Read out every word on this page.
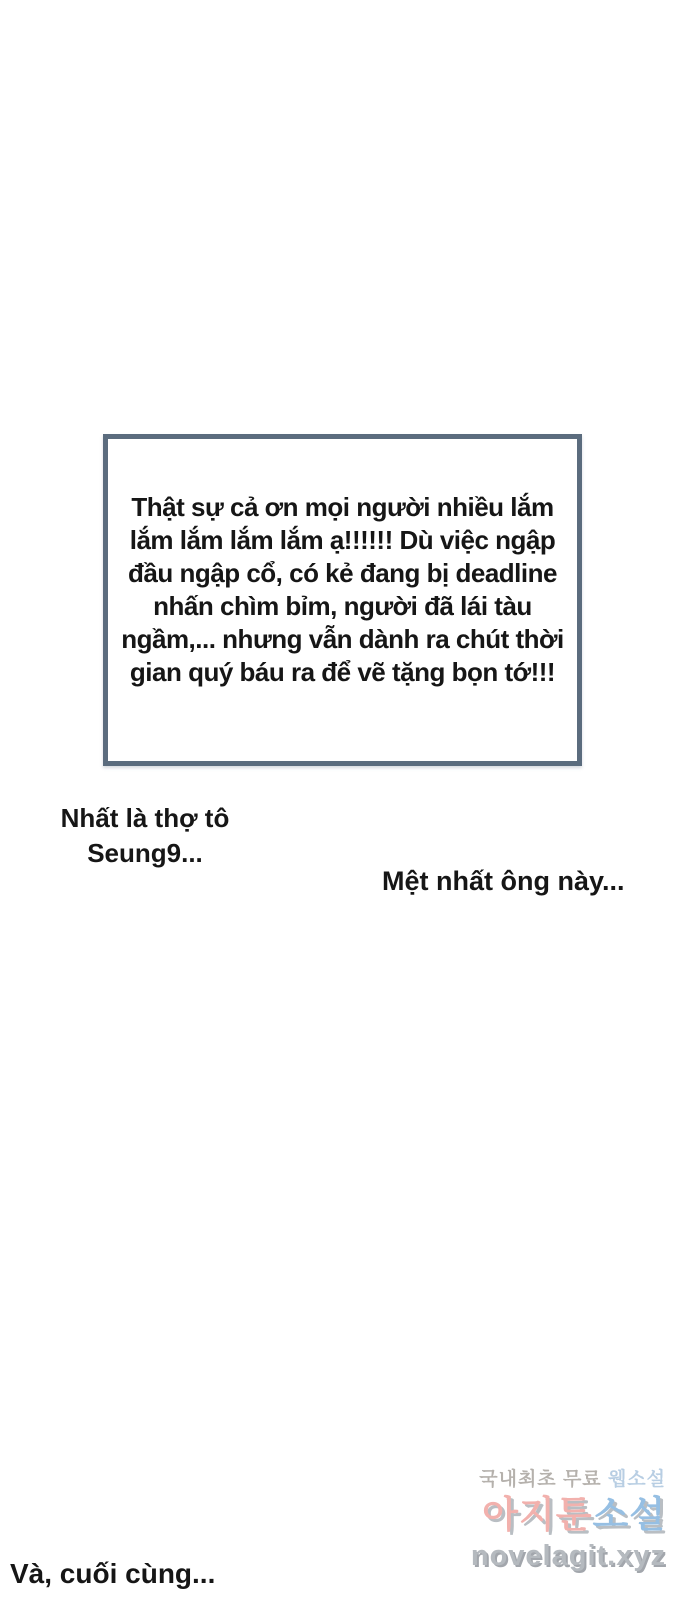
Thật sự cả ơn mọi người nhiều lắm
lắm lắm lắm lắm ạ!!!!!! Dù việc ngập
đầu ngập cổ, có kẻ đang bị deadline
nhấn chìm bỉm, người đã lái tàu
ngầm,... nhưng vẫn dành ra chút thời
gian quý báu ra để vẽ tặng bọn tớ!!!
Nhất là thợ tô
Seung9...
Mệt nhất ông này...
Và, cuối cùng...
국내최초 무료 웹소설
아지툰소설
novelagit.xyz
